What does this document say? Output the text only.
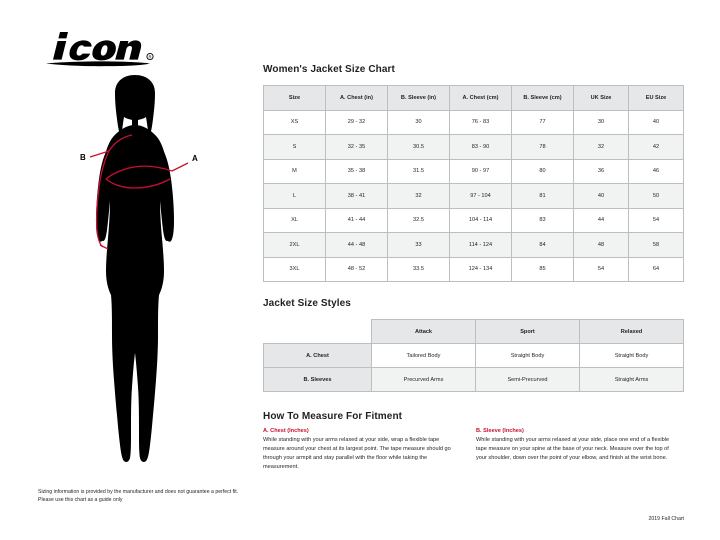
R
A
B
Sizing information is provided by the manufacturer and does not guarantee a perfect fit. Please use this chart as a guide only
Women's Jacket Size Chart
Size	A. Chest (in)	B. Sleeve (in)	A. Chest (cm)	B. Sleeve (cm)	UK Size	EU Size
XS	29 - 32	30	76 - 83	77	30	40
S	32 - 35	30.5	83 - 90	78	32	42
M	35 - 38	31.5	90 - 97	80	36	46
L	38 - 41	32	97 - 104	81	40	50
XL	41 - 44	32.5	104 - 114	83	44	54
2XL	44 - 48	33	114 - 124	84	48	58
3XL	48 - 52	33.5	124 - 134	85	54	64
Jacket Size Styles
	Attack	Sport	Relaxed
A. Chest	Tailored Body	Straight Body	Straight Body
B. Sleeves	Precurved Arms	Semi-Precurved	Straight Arms
How To Measure For Fitment
A. Chest (Inches)
While standing with your arms relaxed at your side, wrap a flexible tape measure around your chest at its largest point. The tape measure should go through your armpit and stay parallel with the floor while taking the measurement.
B. Sleeve (Inches)
While standing with your arms relaxed at your side, place one end of a flexible tape measure on your spine at the base of your neck. Measure over the top of your shoulder, down over the point of your elbow, and finish at the wrist bone.
2019 Fall Chart
